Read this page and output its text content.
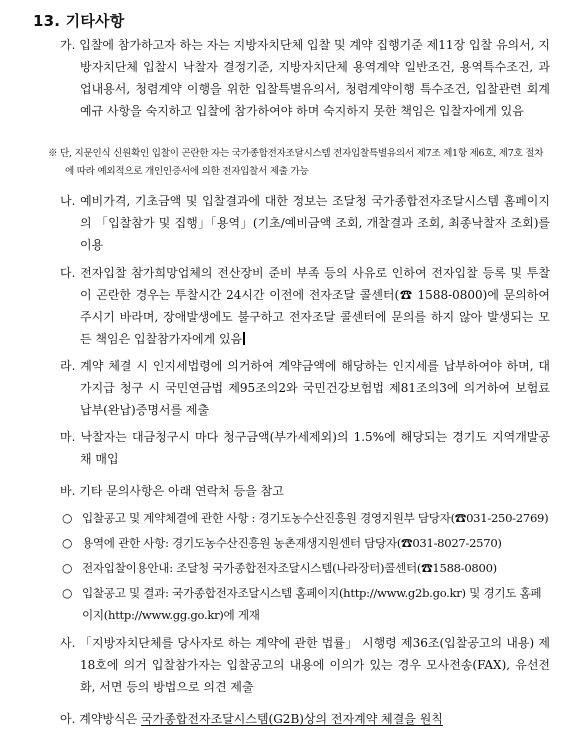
13. 기타사항
가. 입찰에 참가하고자 하는 자는 지방자치단체 입찰 및 계약 집행기준 제11장 입찰 유의서, 지방자치단체 입찰시 낙찰자 결정기준, 지방자치단체 용역계약 일반조건, 용역특수조건, 과업내용서, 청렴계약 이행을 위한 입찰특별유의서, 청렴계약이행 특수조건, 입찰관련 회계예규 사항을 숙지하고 입찰에 참가하여야 하며 숙지하지 못한 책임은 입찰자에게 있음
※ 단, 지문인식 신원확인 입찰이 곤란한 자는 국가종합전자조달시스템 전자입찰특별유의서 제7조 제1항 제6호, 제7호 절차에 따라 예외적으로 개인인증서에 의한 전자입찰서 제출 가능
나. 예비가격, 기초금액 및 입찰결과에 대한 정보는 조달청 국가종합전자조달시스템 홈페이지의 「입찰참가 및 집행」「용역」(기초/예비금액 조회, 개찰결과 조회, 최종낙찰자 조회)를 이용
다. 전자입찰 참가희망업체의 전산장비 준비 부족 등의 사유로 인하여 전자입찰 등록 및 투찰이 곤란한 경우는 투찰시간 24시간 이전에 전자조달 콜센터(☎ 1588-0800)에 문의하여 주시기 바라며, 장애발생에도 불구하고 전자조달 콜센터에 문의를 하지 않아 발생되는 모든 책임은 입찰참가자에게 있음
라. 계약 체결 시 인지세법령에 의거하여 계약금액에 해당하는 인지세를 납부하여야 하며, 대가지급 청구 시 국민연금법 제95조의2와 국민건강보험법 제81조의3에 의거하여 보험료납부(완납)증명서를 제출
마. 낙찰자는 대금청구시 마다 청구금액(부가세제외)의 1.5%에 해당되는 경기도 지역개발공채 매입
바. 기타 문의사항은 아래 연락처 등을 참고
○ 입찰공고 및 계약체결에 관한 사항 : 경기도농수산진흥원 경영지원부 담당자(☎031-250-2769)
○ 용역에 관한 사항: 경기도농수산진흥원 농촌재생지원센터 담당자(☎031-8027-2570)
○ 전자입찰이용안내: 조달청 국가종합전자조달시스템(나라장터)콜센터(☎1588-0800)
○ 입찰공고 및 결과: 국가종합전자조달시스템 홈페이지(http://www.g2b.go.kr) 및 경기도 홈페이지(http://www.gg.go.kr)에 게재
사. 「지방자치단체를 당사자로 하는 계약에 관한 법률」 시행령 제36조(입찰공고의 내용) 제18호에 의거 입찰참가자는 입찰공고의 내용에 이의가 있는 경우 모사전송(FAX), 유선전화, 서면 등의 방법으로 의견 제출
아. 계약방식은 국가종합전자조달시스템(G2B)상의 전자계약 체결을 원칙
